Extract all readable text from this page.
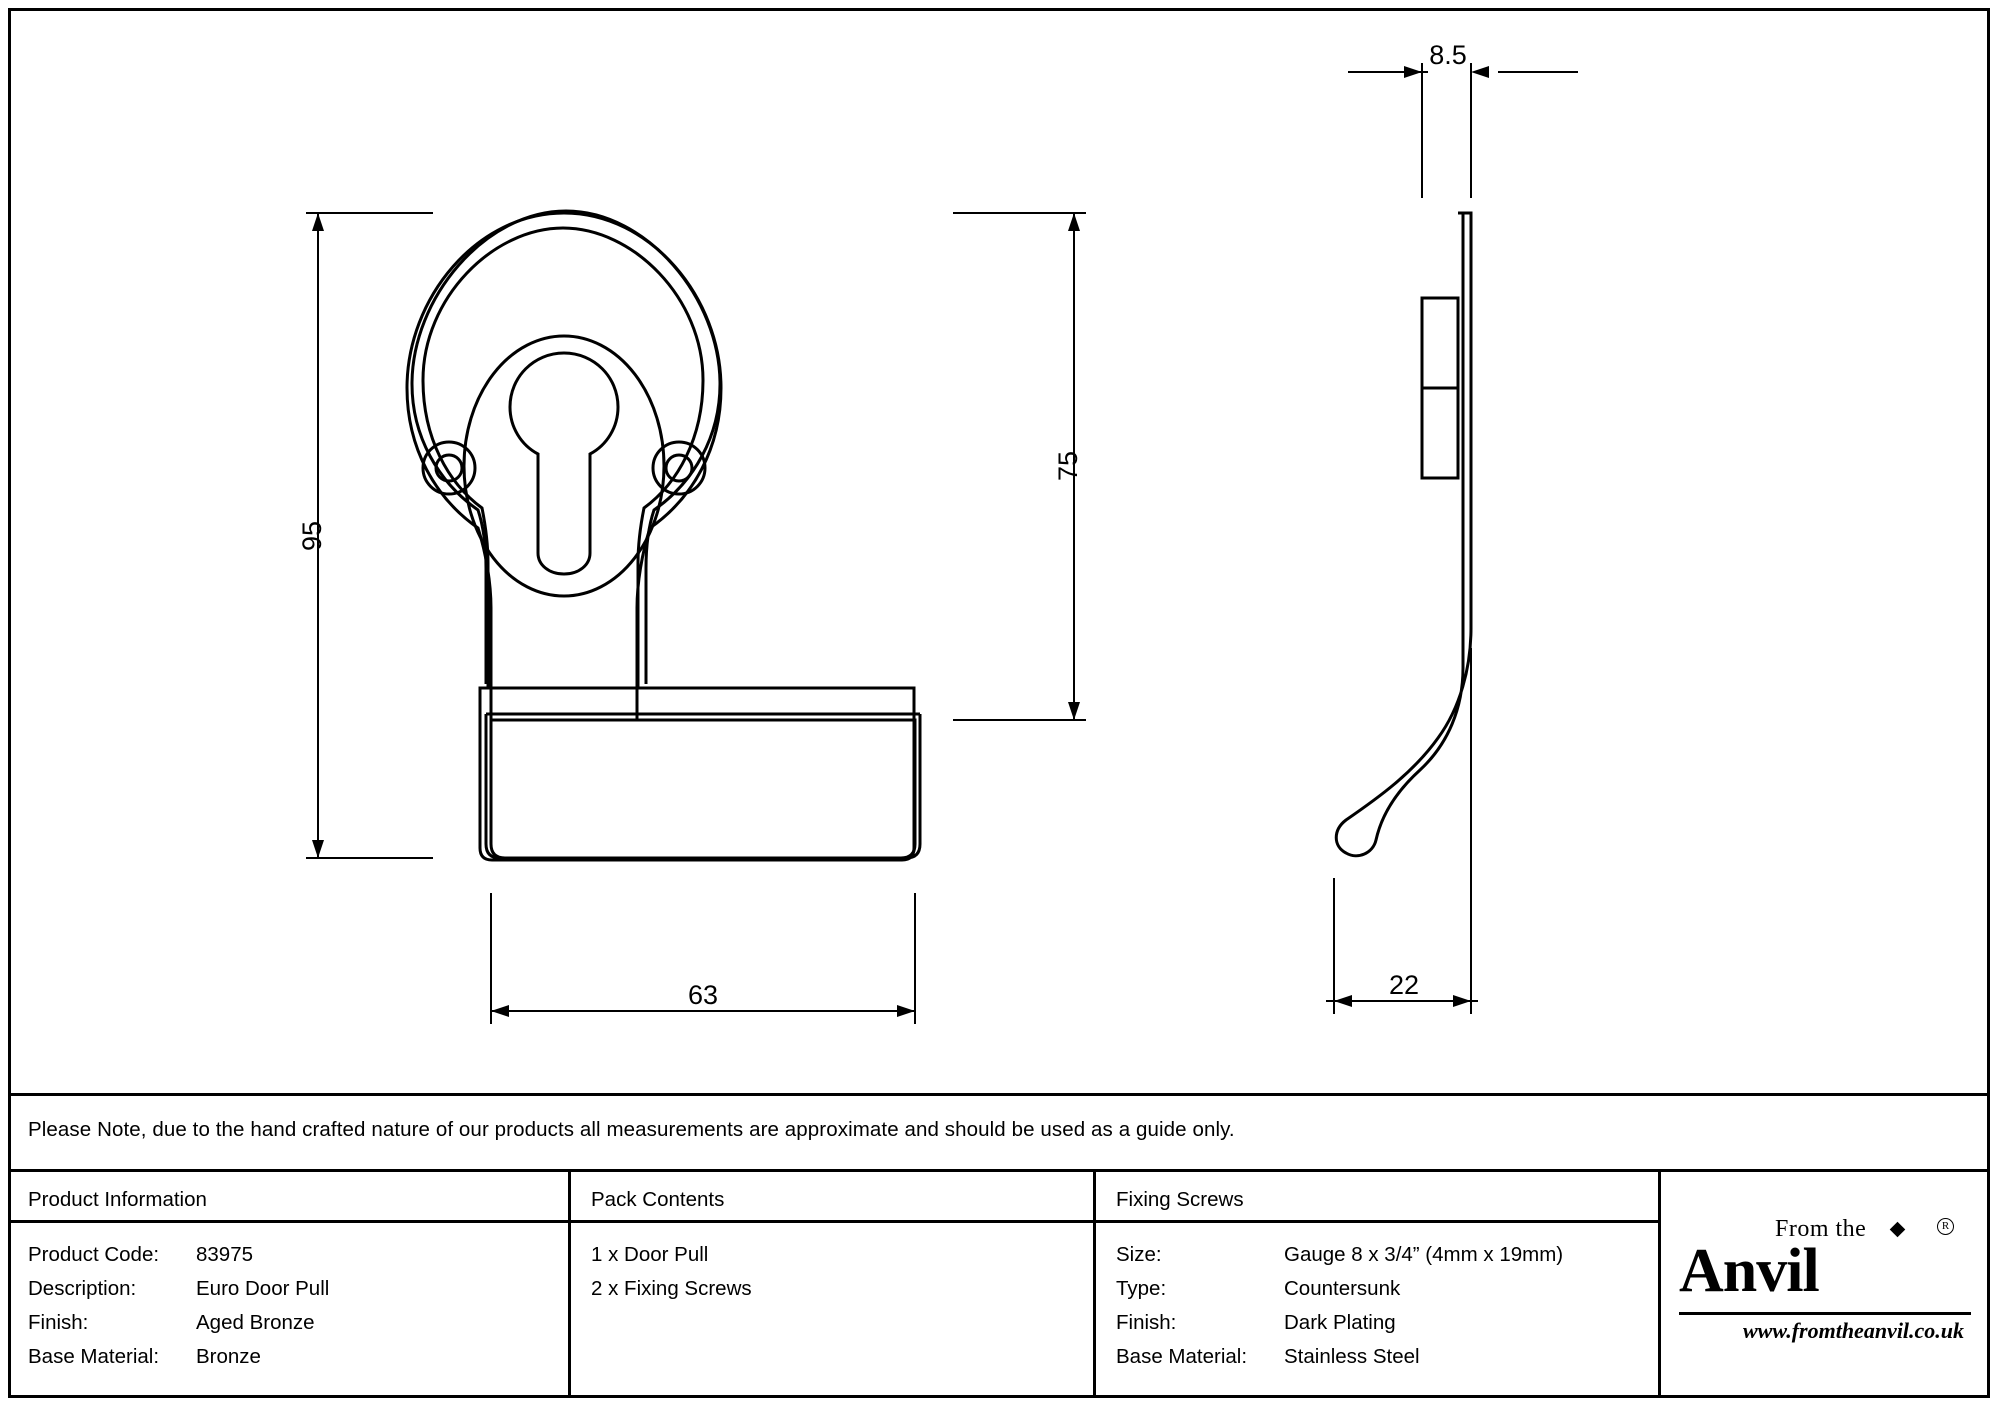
95
75
63
8.5
22
Please Note, due to the hand crafted nature of our products all measurements are approximate and should be used as a guide only.
Product Information
Product Code:	83975
Description:	Euro Door Pull
Finish:	Aged Bronze
Base Material:	Bronze
Pack Contents
1 x Door Pull
2 x Fixing Screws
Fixing Screws
Size:	Gauge 8 x 3/4” (4mm x 19mm)
Type:	Countersunk
Finish:	Dark Plating
Base Material:	Stainless Steel
From the	R
Anvil
www.fromtheanvil.co.uk
